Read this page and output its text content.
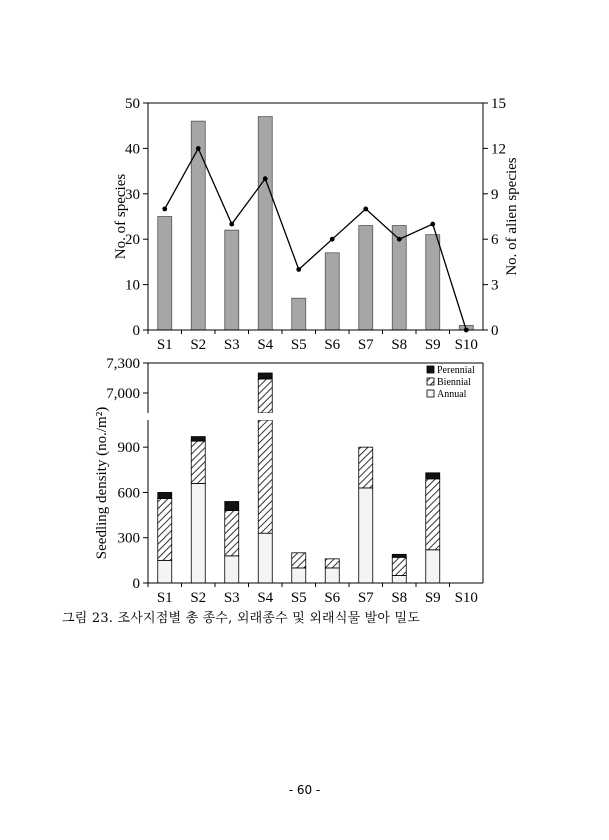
0
10
20
30
40
50
0
3
6
9
12
15
S1 S2 S3 S4 S5 S6 S7 S8 S9 S10
No. of species	No. of alien species
0
300
600
900
7,000
7,300
S1 S2 S3 S4 S5 S6 S7 S8 S9 S10
Seedling density (no./m²)
Perennial
Biennial
Annual
그림 23. 조사지점별 총 종수, 외래종수 및 외래식물 발아 밀도
- 60 -
